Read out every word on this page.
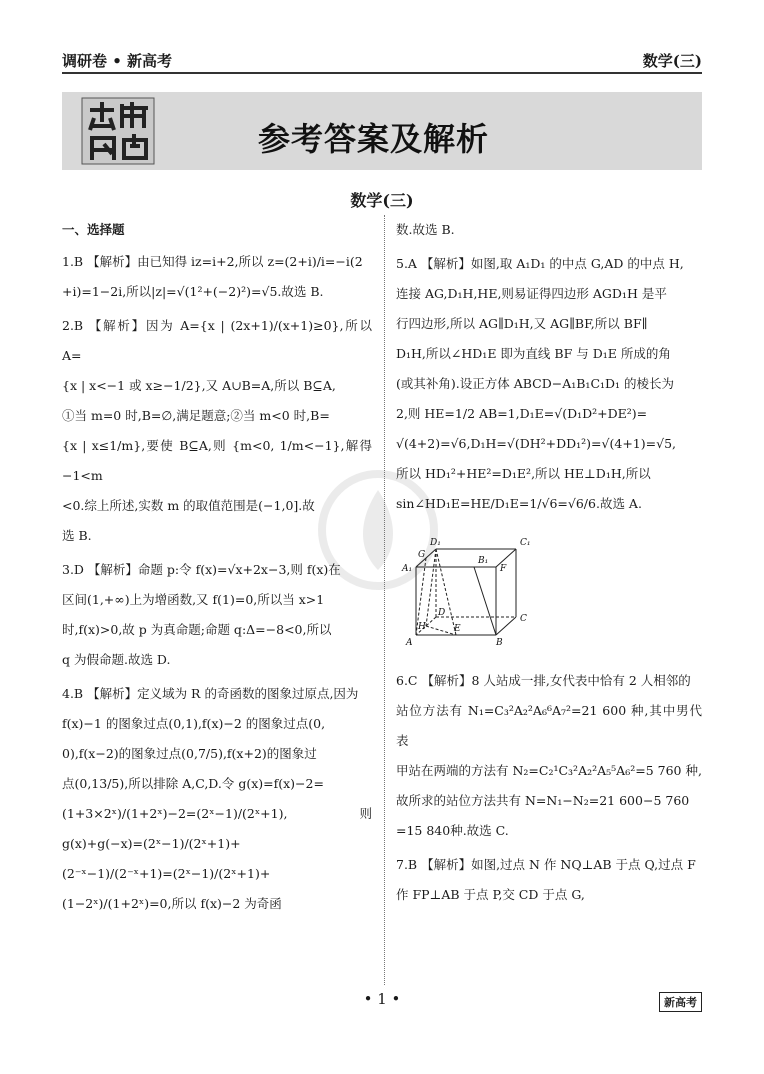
调研卷 • 新高考	数学(三)
参考答案及解析
数学(三)
一、选择题
1.B 【解析】由已知得 iz=i+2,所以 z=(2+i)/i=−i(2
+i)=1−2i,所以|z|=√(1²+(−2)²)=√5.故选 B.
2.B 【解析】因为 A={x | (2x+1)/(x+1)≥0},所以 A=
{x | x<−1 或 x≥−1/2},又 A∪B=A,所以 B⊆A,
①当 m=0 时,B=∅,满足题意;②当 m<0 时,B=
{x | x≤1/m},要使 B⊆A,则 {m<0, 1/m<−1},解得−1<m
<0.综上所述,实数 m 的取值范围是(−1,0].故
选 B.
3.D 【解析】命题 p:令 f(x)=√x+2x−3,则 f(x)在
区间(1,+∞)上为增函数,又 f(1)=0,所以当 x>1
时,f(x)>0,故 p 为真命题;命题 q:Δ=−8<0,所以
q 为假命题.故选 D.
4.B 【解析】定义域为 R 的奇函数的图象过原点,因为
f(x)−1 的图象过点(0,1),f(x)−2 的图象过点(0,
0),f(x−2)的图象过点(0,7/5),f(x+2)的图象过
点(0,13/5),所以排除 A,C,D.令 g(x)=f(x)−2=
(1+3×2ˣ)/(1+2ˣ)−2=(2ˣ−1)/(2ˣ+1),则 g(x)+g(−x)=(2ˣ−1)/(2ˣ+1)+
(2⁻ˣ−1)/(2⁻ˣ+1)=(2ˣ−1)/(2ˣ+1)+(1−2ˣ)/(1+2ˣ)=0,所以 f(x)−2 为奇函
数.故选 B.
5.A 【解析】如图,取 A₁D₁ 的中点 G,AD 的中点 H,
连接 AG,D₁H,HE,则易证得四边形 AGD₁H 是平
行四边形,所以 AG∥D₁H,又 AG∥BF,所以 BF∥
D₁H,所以∠HD₁E 即为直线 BF 与 D₁E 所成的角
(或其补角).设正方体 ABCD−A₁B₁C₁D₁ 的棱长为
2,则 HE=1/2 AB=1,D₁E=√(D₁D²+DE²)=
√(4+2)=√6,D₁H=√(DH²+DD₁²)=√(4+1)=√5,
所以 HD₁²+HE²=D₁E²,所以 HE⊥D₁H,所以
sin∠HD₁E=HE/D₁E=1/√6=√6/6.故选 A.
D₁	C₁
G
B₁
A₁	F
D
C
H	E
A	B
6.C 【解析】8 人站成一排,女代表中恰有 2 人相邻的
站位方法有 N₁=C₃²A₂²A₆⁶A₇²=21 600 种,其中男代表
甲站在两端的方法有 N₂=C₂¹C₃²A₂²A₅⁵A₆²=5 760 种,
故所求的站位方法共有 N=N₁−N₂=21 600−5 760
=15 840种.故选 C.
7.B 【解析】如图,过点 N 作 NQ⊥AB 于点 Q,过点 F
作 FP⊥AB 于点 P,交 CD 于点 G,
• 1 •	新高考
